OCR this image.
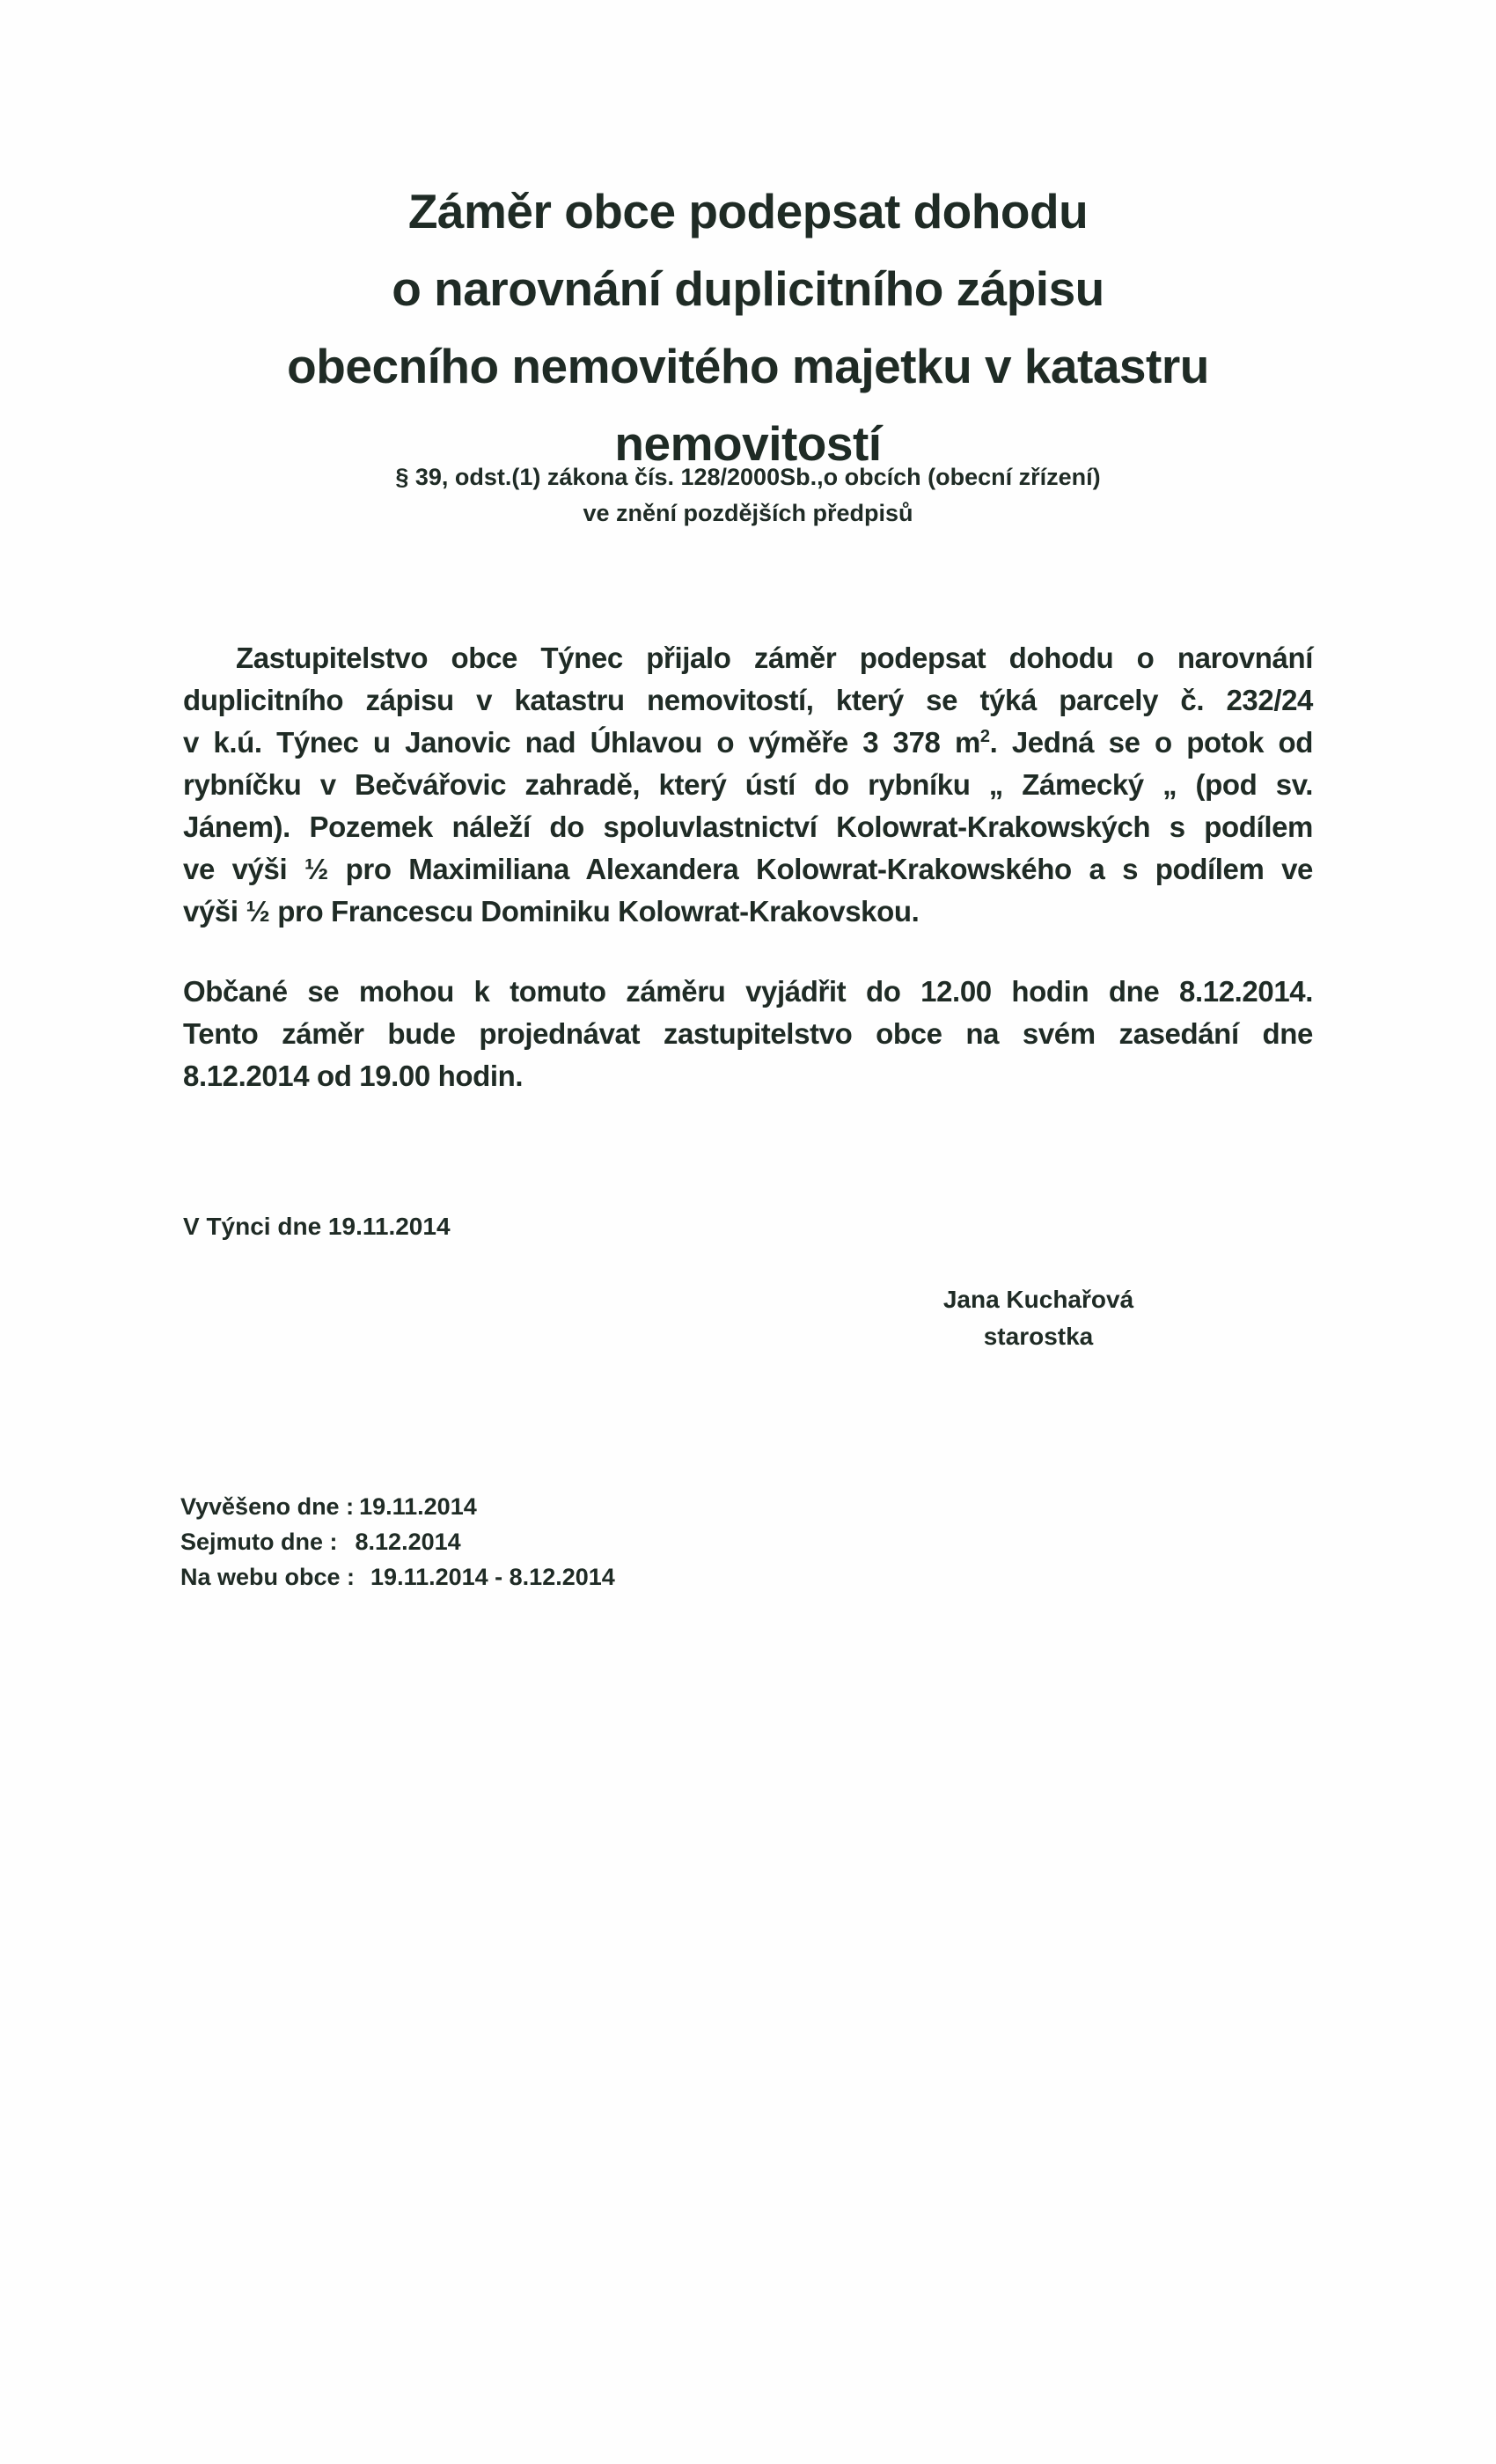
Záměr obce podepsat dohodu
o narovnání duplicitního zápisu
obecního nemovitého majetku v katastru
nemovitostí
§ 39, odst.(1) zákona čís. 128/2000Sb.,o obcích (obecní zřízení)
ve znění pozdějších předpisů
Zastupitelstvo obce Týnec přijalo záměr podepsat dohodu o narovnání
duplicitního zápisu v katastru nemovitostí, který se týká parcely č. 232/24
v k.ú. Týnec u Janovic nad Úhlavou o výměře 3 378 $m^2$. Jedná se o potok od
rybníčku v Bečvářovic zahradě, který ústí do rybníku „ Zámecký „ (pod sv.
Jánem). Pozemek náleží do spoluvlastnictví Kolowrat-Krakowských s podílem
ve výši ½ pro Maximiliana Alexandera Kolowrat-Krakowského a s podílem ve
výši ½ pro Francescu Dominiku Kolowrat-Krakovskou.
Občané se mohou k tomuto záměru vyjádřit do 12.00 hodin dne 8.12.2014.
Tento záměr bude projednávat zastupitelstvo obce na svém zasedání dne
8.12.2014 od 19.00 hodin.
V Týnci dne 19.11.2014
Jana Kuchařová
starostka
Vyvěšeno dne : 19.11.2014
Sejmuto dne : 8.12.2014
Na webu obce : 19.11.2014 - 8.12.2014
